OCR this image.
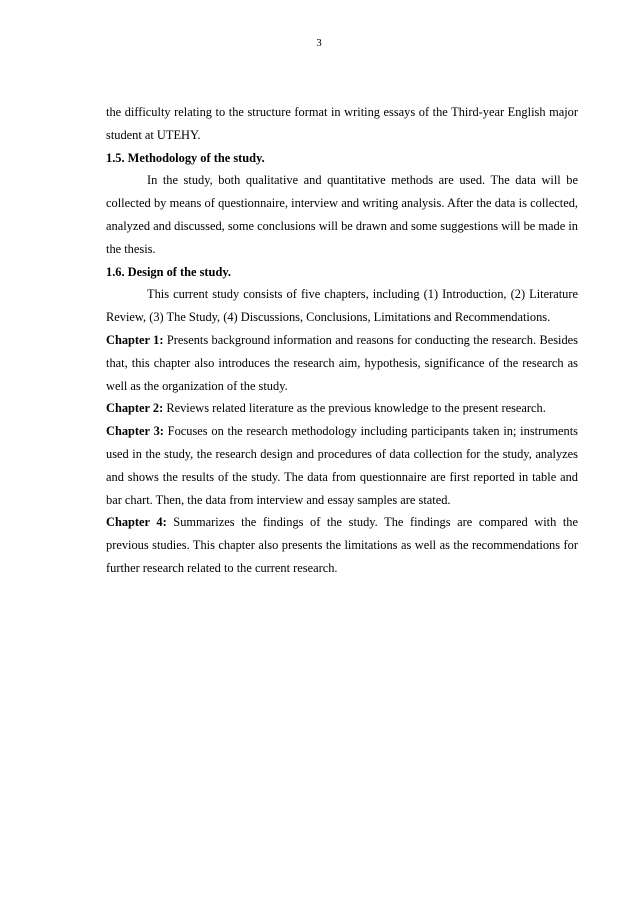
3

the difficulty relating to the structure format in writing essays of the Third-year English major student at UTEHY.

1.5. Methodology of the study.

In the study, both qualitative and quantitative methods are used. The data will be collected by means of questionnaire, interview and writing analysis. After the data is collected, analyzed and discussed, some conclusions will be drawn and some suggestions will be made in the thesis.

1.6. Design of the study.

This current study consists of five chapters, including (1) Introduction, (2) Literature Review, (3) The Study, (4) Discussions, Conclusions, Limitations and Recommendations.

Chapter 1: Presents background information and reasons for conducting the research. Besides that, this chapter also introduces the research aim, hypothesis, significance of the research as well as the organization of the study.

Chapter 2: Reviews related literature as the previous knowledge to the present research.

Chapter 3: Focuses on the research methodology including participants taken in; instruments used in the study, the research design and procedures of data collection for the study, analyzes and shows the results of the study. The data from questionnaire are first reported in table and bar chart. Then, the data from interview and essay samples are stated.

Chapter 4: Summarizes the findings of the study. The findings are compared with the previous studies. This chapter also presents the limitations as well as the recommendations for further research related to the current research.
